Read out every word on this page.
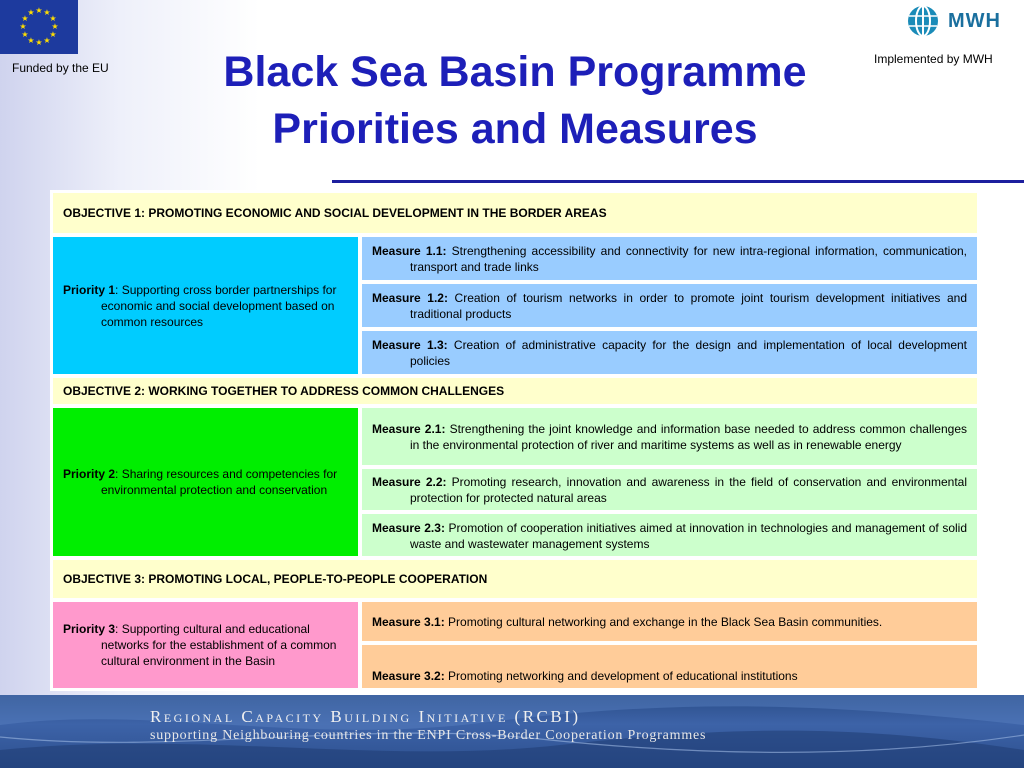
★ ★
★
★
★
★
★
★
★
★
★
★
Funded by the EU	Black Sea Basin Programme
Priorities and Measures
MWH
Implemented by MWH
OBJECTIVE 1: PROMOTING ECONOMIC AND SOCIAL DEVELOPMENT IN THE BORDER AREAS
Priority 1: Supporting cross border partnerships for economic and social development based on common resources
Measure 1.1: Strengthening accessibility and connectivity for new intra-regional information, communication, transport and trade links
Measure 1.2: Creation of tourism networks in order to promote joint tourism development initiatives and traditional products
Measure 1.3: Creation of administrative capacity for the design and implementation of local development policies
OBJECTIVE 2: WORKING TOGETHER TO ADDRESS COMMON CHALLENGES
Priority 2: Sharing resources and competencies for environmental protection and conservation
Measure 2.1: Strengthening the joint knowledge and information base needed to address common challenges in the environmental protection of river and maritime systems as well as in renewable energy
Measure 2.2: Promoting research, innovation and awareness in the field of conservation and environmental protection for protected natural areas
Measure 2.3: Promotion of cooperation initiatives aimed at innovation in technologies and management of solid waste and wastewater management systems
OBJECTIVE 3: PROMOTING LOCAL, PEOPLE-TO-PEOPLE COOPERATION
Priority 3: Supporting cultural and educational networks for the establishment of a common cultural environment in the Basin
Measure 3.1: Promoting cultural networking and exchange in the Black Sea Basin communities.
Measure 3.2: Promoting networking and development of educational institutions
Regional Capacity Building Initiative (RCBI)
supporting Neighbouring countries in the ENPI Cross-Border Cooperation Programmes
